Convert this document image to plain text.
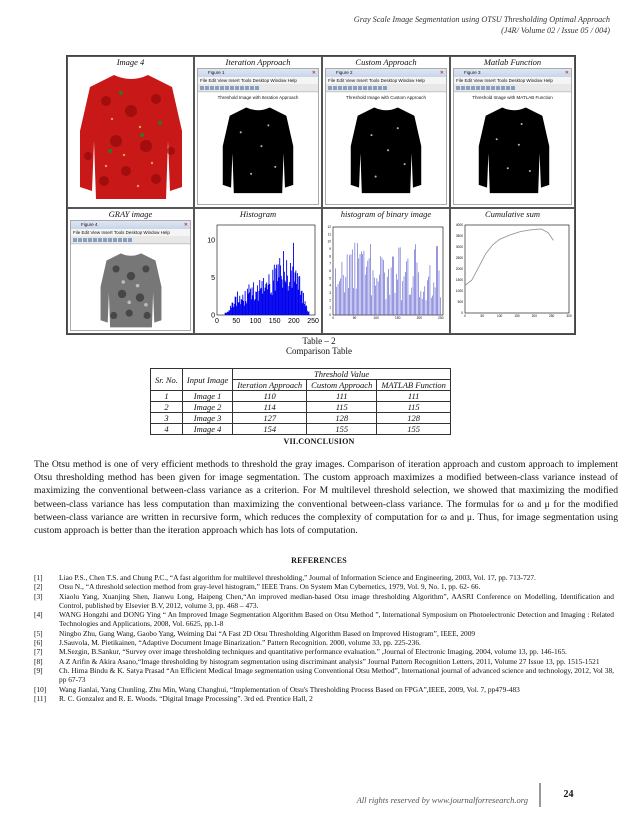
Gray Scale Image Segmentation using OTSU Thresholding Optimal Approach
(J4R/ Volume 02 / Issue 05 / 004)
Image 4	Iteration Approach
Figure 1	✕
File Edit View Insert Tools Desktop Window Help
Threshold Image with Iteration Approach
Custom Approach
Figure 2	✕
File Edit View Insert Tools Desktop Window Help
Threshold Image with Custom Approach
Matlab Function
Figure 3	✕
File Edit View Insert Tools Desktop Window Help
Threshold Image with MATLAB Function
GRAY image
Figure 4	✕
File Edit View Insert Tools Desktop Window Help
Histogram
0 50 100 150 200 250
0
5
10
histogram of binary image
0	50	100	150	200	250
0
1
2
3
4
5
6
7
8
9
10
11
12
Cumulative sum
0	50	100	150	200	250	300
0
500
1000
1500
2000
2500
3000
3500
4000
Table – 2
Comparison Table
Sr. No.	Input Image	Threshold Value		
		Iteration Approach	Custom Approach	MATLAB Function
1	Image 1	110	111	111
2	Image 2	114	115	115
3	Image 3	127	128	128
4	Image 4	154	155	155
VII.CONCLUSION
The Otsu method is one of very efficient methods to threshold the gray images. Comparison of iteration approach and custom approach to implement Otsu thresholding method has been given for image segmentation. The custom approach maximizes a modified between-class variance instead of maximizing the conventional between-class variance as a criterion. For M multilevel threshold selection, we showed that maximizing the modified between-class variance has less computation than maximizing the conventional between-class variance. The formulas for ω and μ for the modified between-class variance are written in recursive form, which reduces the complexity of computation for ω and μ. Thus, for image segmentation using custom approach is better than the iteration approach which has lots of computation.
REFERENCES
[1]	Liao P.S., Chen T.S. and Chung P.C., “A fast algorithm for multilevel thresholding,” Journal of Information Science and Engineering, 2003, Vol. 17, pp. 713-727.
[2]	Otsu N., “A threshold selection method from gray-level histogram,” IEEE Trans. On System Man Cybernetics, 1979, Vol. 9, No. 1, pp. 62- 66.
[3]	Xiaolu Yang, Xuanjing Shen, Jianwu Long, Haipeng Chen,“An improved median-based Otsu image thresholding Algorithm”, AASRI Conference on Modelling, Identification and Control, published by Elsevier B.V, 2012, volume 3, pp. 468 – 473.
[4]	WANG Hongzhi and DONG Ying “ An Improved Image Segmentation Algorithm Based on Otsu Method ”, International Symposium on Photoelectronic Detection and Imaging : Related Technologies and Applications, 2008, Vol. 6625, pp.1-8
[5]	Ningbo Zhu, Gang Wang, Gaobo Yang, Weiming Dai “A Fast 2D Otsu Thresholding Algorithm Based on Improved Histogram”, IEEE, 2009
[6]	J.Sauvola, M. Pietikainen, “Adaptive Document Image Binarization.” Pattern Recognition. 2000, volume 33, pp. 225-236.
[7]	M.Sezgin, B.Sankur, “Survey over image thresholding techniques and quantitative performance evaluation.” ,Journal of Electronic Imaging, 2004, volume 13, pp. 146-165.
[8]	A Z Arifin & Akira Asano,“Image thresholding by histogram segmentation using discriminant analysis” Journal Pattern Recognition Letters, 2011, Volume 27 Issue 13, pp. 1515-1521
[9]	Ch. Hima Bindu & K. Satya Prasad “An Efficient Medical Image segmentation using Conventional Otsu Method”, International journal of advanced science and technology, 2012, Vol 38, pp 67-73
[10]	Wang Jianlai, Yang Chunling, Zhu Min, Wang Changhui, “Implementation of Otsu's Thresholding Process Based on FPGA”,IEEE, 2009, Vol. 7, pp479-483
[11]	R. C. Gonzalez and R. E. Woods. “Digital Image Processing”. 3rd ed. Prentice Hall, 2
All rights reserved by www.journalforresearch.org	24
